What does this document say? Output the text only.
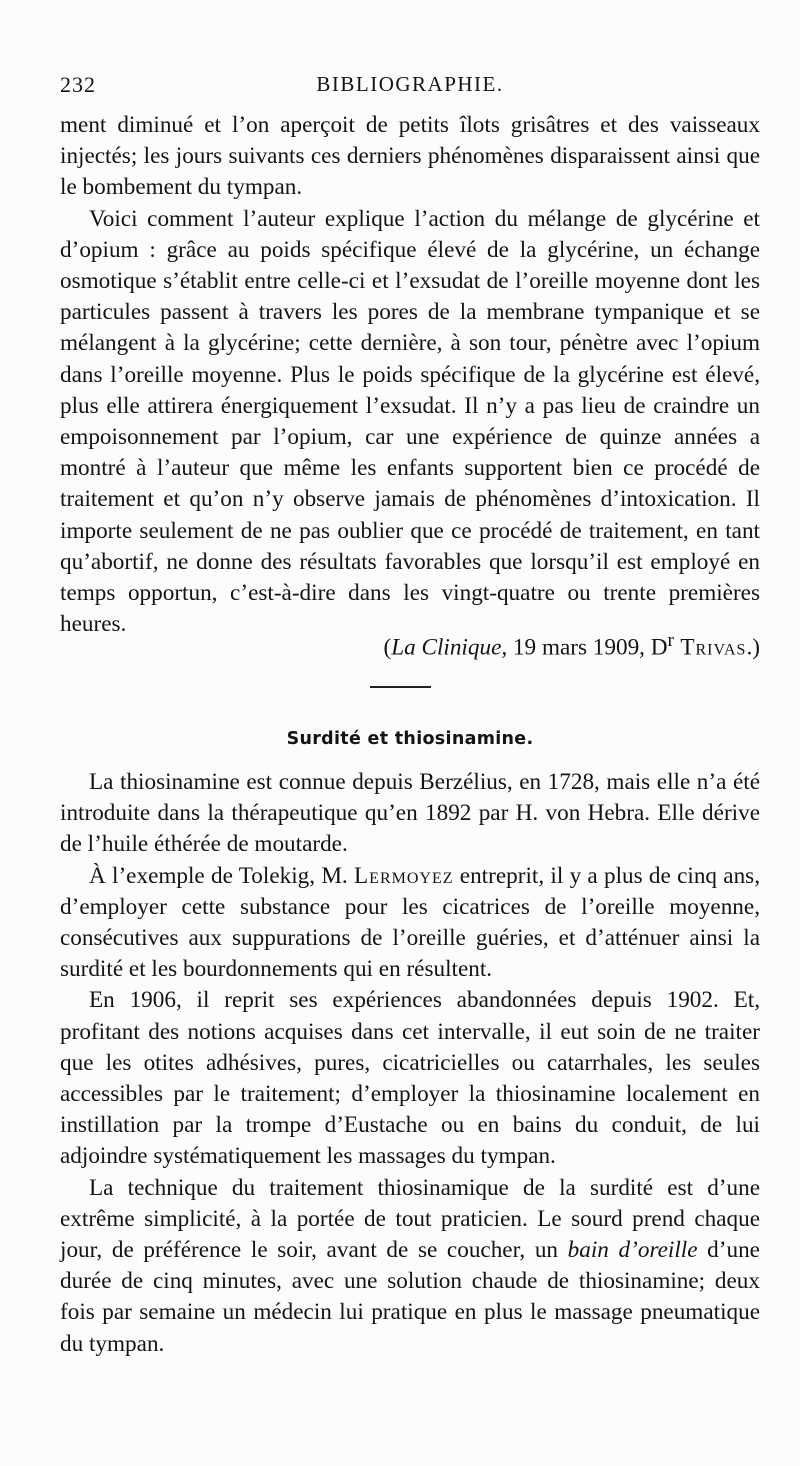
232	BIBLIOGRAPHIE.

ment diminué et l’on aperçoit de petits îlots grisâtres et des vaisseaux injectés; les jours suivants ces derniers phénomènes disparaissent ainsi que le bombement du tympan.

Voici comment l’auteur explique l’action du mélange de glycérine et d’opium : grâce au poids spécifique élevé de la glycérine, un échange osmotique s’établit entre celle-ci et l’exsudat de l’oreille moyenne dont les particules passent à travers les pores de la membrane tympanique et se mélangent à la glycérine; cette dernière, à son tour, pénètre avec l’opium dans l’oreille moyenne. Plus le poids spécifique de la glycérine est élevé, plus elle attirera énergiquement l’exsudat. Il n’y a pas lieu de craindre un empoisonnement par l’opium, car une expérience de quinze années a montré à l’auteur que même les enfants supportent bien ce procédé de traitement et qu’on n’y observe jamais de phénomènes d’intoxication. Il importe seulement de ne pas oublier que ce procédé de traitement, en tant qu’abortif, ne donne des résultats favorables que lorsqu’il est employé en temps opportun, c’est-à-dire dans les vingt-quatre ou trente premières heures.

(La Clinique, 19 mars 1909, $D^r$ Trivas.)
Surdité et thiosinamine.

La thiosinamine est connue depuis Berzélius, en 1728, mais elle n’a été introduite dans la thérapeutique qu’en 1892 par H. von Hebra. Elle dérive de l’huile éthérée de moutarde.

À l’exemple de Tolekig, M. Lermoyez entreprit, il y a plus de cinq ans, d’employer cette substance pour les cicatrices de l’oreille moyenne, consécutives aux suppurations de l’oreille guéries, et d’atténuer ainsi la surdité et les bourdonnements qui en résultent.

En 1906, il reprit ses expériences abandonnées depuis 1902. Et, profitant des notions acquises dans cet intervalle, il eut soin de ne traiter que les otites adhésives, pures, cicatricielles ou catarrhales, les seules accessibles par le traitement; d’employer la thiosinamine localement en instillation par la trompe d’Eustache ou en bains du conduit, de lui adjoindre systématiquement les massages du tympan.

La technique du traitement thiosinamique de la surdité est d’une extrême simplicité, à la portée de tout praticien. Le sourd prend chaque jour, de préférence le soir, avant de se coucher, un bain d’oreille d’une durée de cinq minutes, avec une solution chaude de thiosinamine; deux fois par semaine un médecin lui pratique en plus le massage pneumatique du tympan.
